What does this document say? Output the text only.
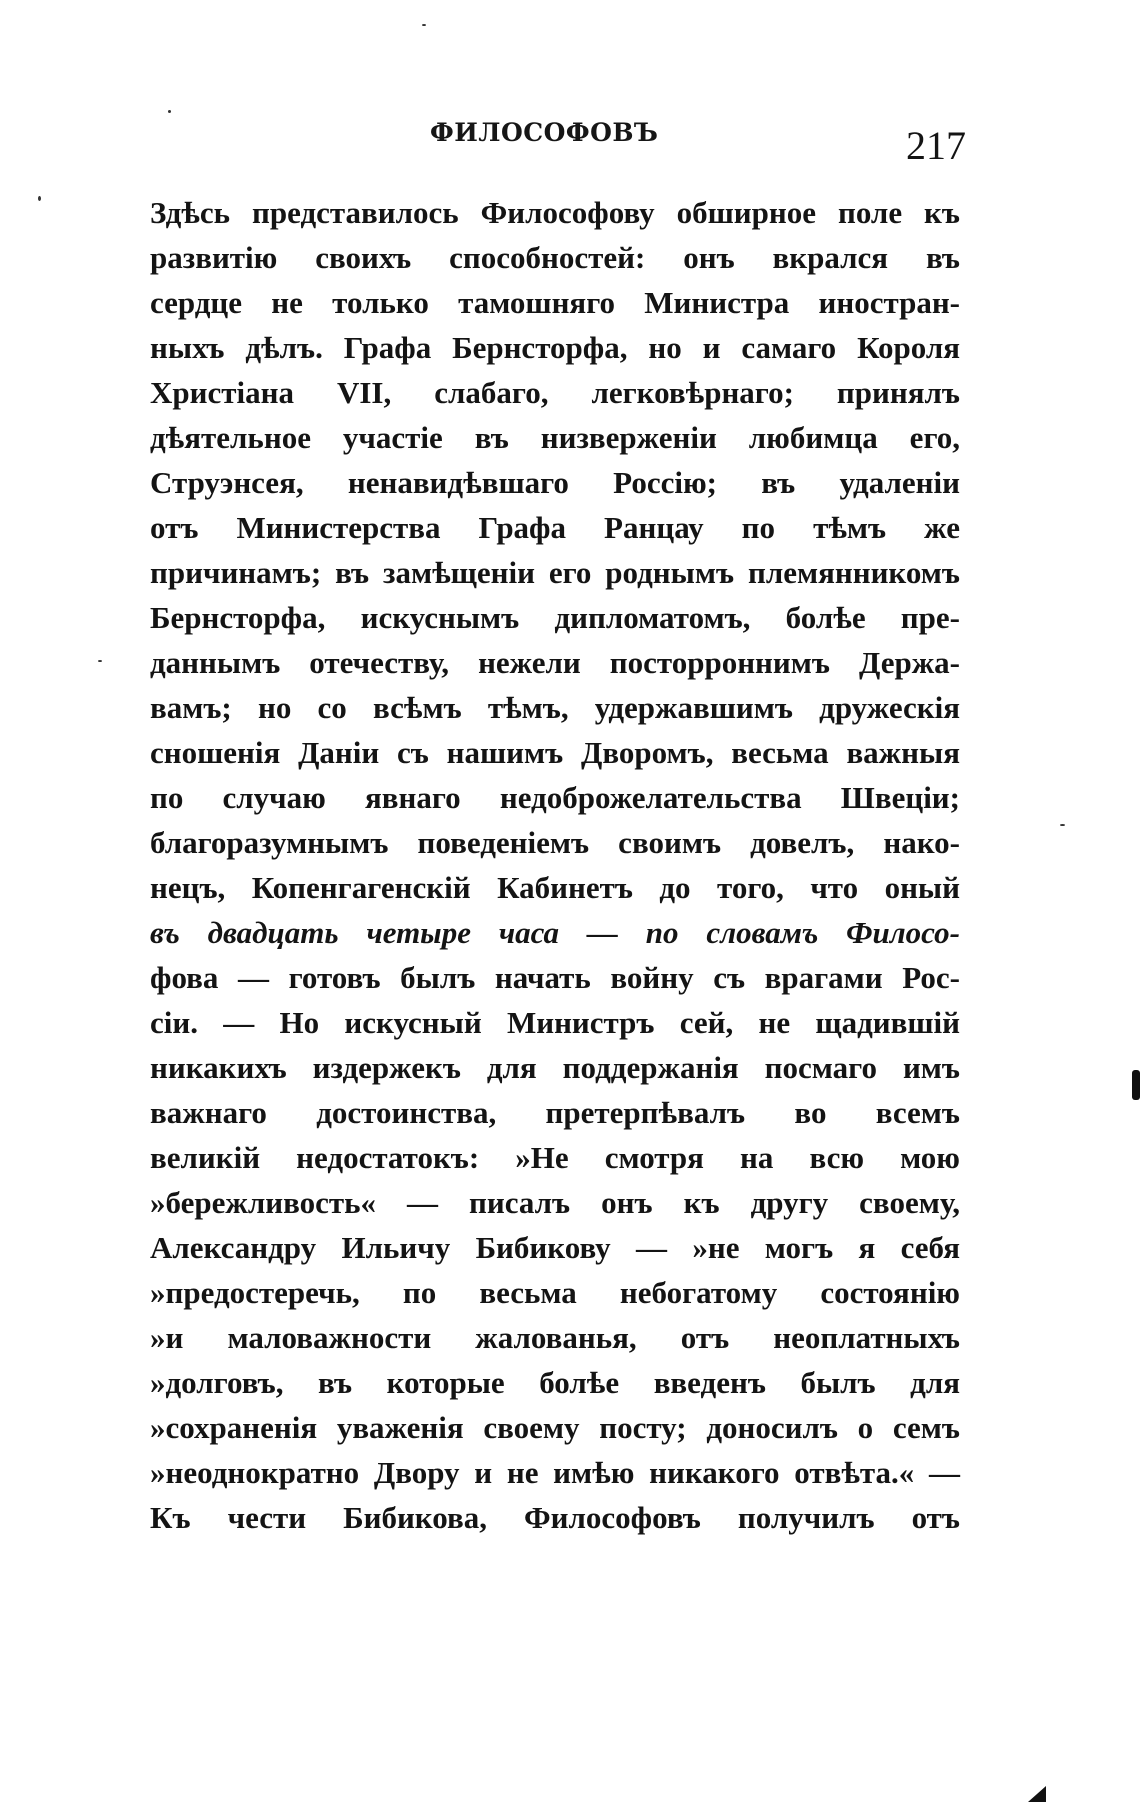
ФИЛОСОФОВЪ	217
Здѣсь представилось Философову обширное поле къ
развитію своихъ способностей: онъ вкрался въ
сердце не только тамошняго Министра иностран-
ныхъ дѣлъ. Графа Бернсторфа, но и самаго Короля
Христіана VII, слабаго, легковѣрнаго; принялъ
дѣятельное участіе въ низверженіи любимца его,
Струэнсея, ненавидѣвшаго Россію; въ удаленіи
отъ Министерства Графа Ранцау по тѣмъ же
причинамъ; въ замѣщеніи его роднымъ племянникомъ
Бернсторфа, искуснымъ дипломатомъ, болѣе пре-
даннымъ отечеству, нежели посторроннимъ Держа-
вамъ; но со всѣмъ тѣмъ, удержавшимъ дружескія
сношенія Даніи съ нашимъ Дворомъ, весьма важныя
по случаю явнаго недоброжелательства Швеціи;
благоразумнымъ поведеніемъ своимъ довелъ, нако-
нецъ, Копенгагенскій Кабинетъ до того, что оный
въ двадцать четыре часа — по словамъ Филосо-
фова — готовъ былъ начать войну съ врагами Рос-
сіи. — Но искусный Министръ сей, не щадившій
никакихъ издержекъ для поддержанія посмаго имъ
важнаго достоинства, претерпѣвалъ во всемъ
великій недостатокъ: »Не смотря на всю мою
»бережливость« — писалъ онъ къ другу своему,
Александру Ильичу Бибикову — »не могъ я себя
»предостеречь, по весьма небогатому состоянію
»и маловажности жалованья, отъ неоплатныхъ
»долговъ, въ которые болѣе введенъ былъ для
»сохраненія уваженія своему посту; доносилъ о семъ
»неоднократно Двору и не имѣю никакого отвѣта.« —
Къ чести Бибикова, Философовъ получилъ отъ
